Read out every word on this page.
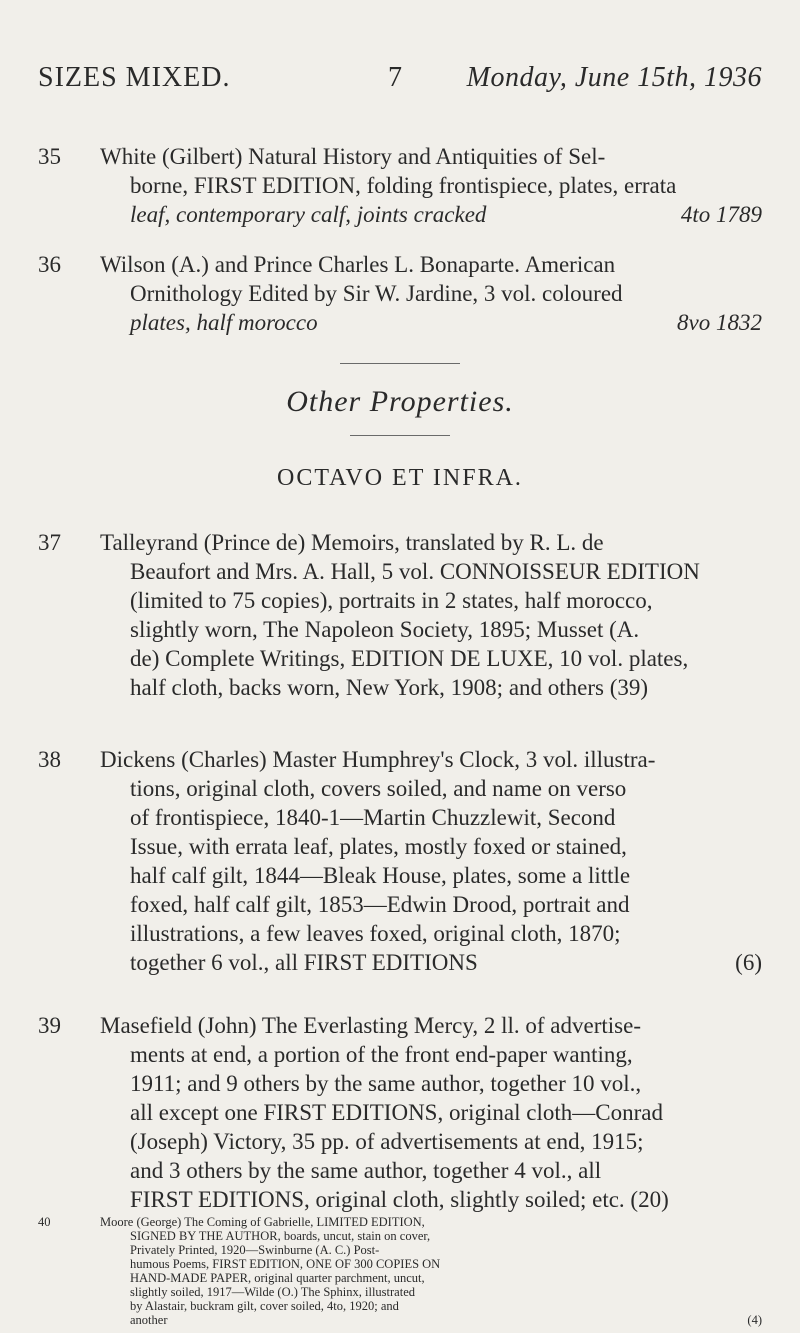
SIZES MIXED.	7 Monday, June 15th, 1936
35	White (Gilbert) Natural History and Antiquities of Sel-
borne, FIRST EDITION, folding frontispiece, plates, errata
leaf, contemporary calf, joints cracked	4to 1789
36	Wilson (A.) and Prince Charles L. Bonaparte. American
Ornithology Edited by Sir W. Jardine, 3 vol. coloured
plates, half morocco	8vo 1832
Other Properties.
OCTAVO ET INFRA.
37	Talleyrand (Prince de) Memoirs, translated by R. L. de
Beaufort and Mrs. A. Hall, 5 vol. CONNOISSEUR EDITION
(limited to 75 copies), portraits in 2 states, half morocco,
slightly worn, The Napoleon Society, 1895; Musset (A.
de) Complete Writings, EDITION DE LUXE, 10 vol. plates,
half cloth, backs worn, New York, 1908; and others (39)
38	Dickens (Charles) Master Humphrey's Clock, 3 vol. illustra-
tions, original cloth, covers soiled, and name on verso
of frontispiece, 1840-1—Martin Chuzzlewit, Second
Issue, with errata leaf, plates, mostly foxed or stained,
half calf gilt, 1844—Bleak House, plates, some a little
foxed, half calf gilt, 1853—Edwin Drood, portrait and
illustrations, a few leaves foxed, original cloth, 1870;
together 6 vol., all FIRST EDITIONS	(6)
39	Masefield (John) The Everlasting Mercy, 2 ll. of advertise-
ments at end, a portion of the front end-paper wanting,
1911; and 9 others by the same author, together 10 vol.,
all except one FIRST EDITIONS, original cloth—Conrad
(Joseph) Victory, 35 pp. of advertisements at end, 1915;
and 3 others by the same author, together 4 vol., all
FIRST EDITIONS, original cloth, slightly soiled; etc. (20)
40	Moore (George) The Coming of Gabrielle, LIMITED EDITION,
SIGNED BY THE AUTHOR, boards, uncut, stain on cover,
Privately Printed, 1920—Swinburne (A. C.) Post-
humous Poems, FIRST EDITION, ONE OF 300 COPIES ON
HAND-MADE PAPER, original quarter parchment, uncut,
slightly soiled, 1917—Wilde (O.) The Sphinx, illustrated
by Alastair, buckram gilt, cover soiled, 4to, 1920; and
another	(4)
